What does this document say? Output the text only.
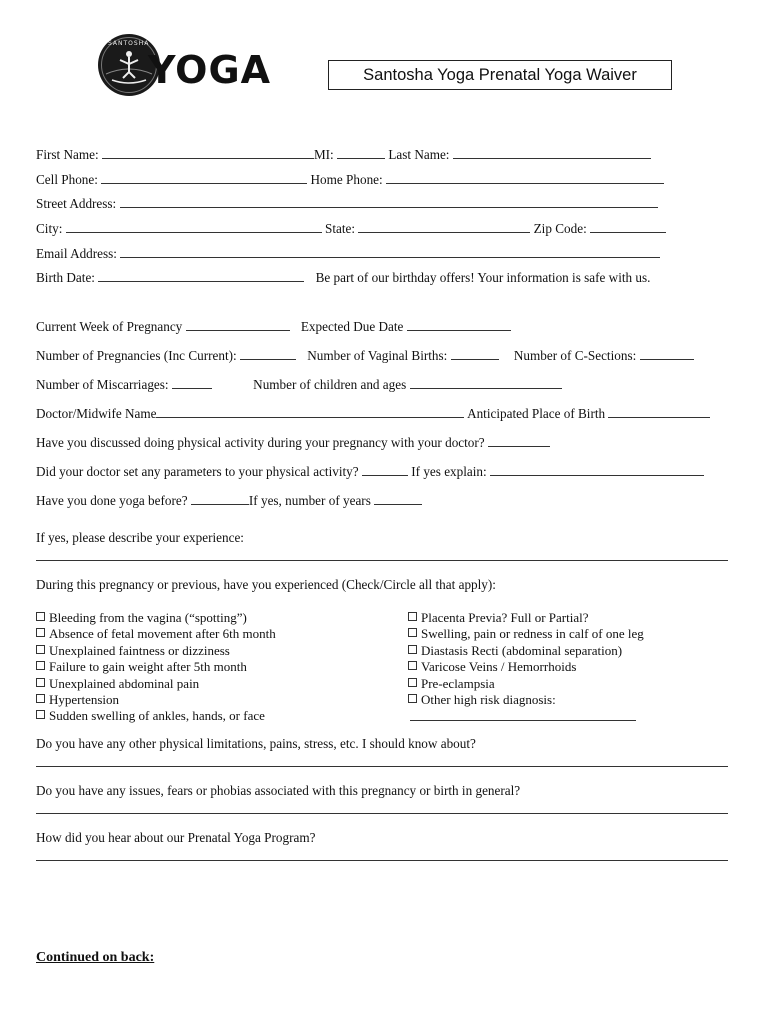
SANTOSHA
YOGA	Santosha Yoga Prenatal Yoga Waiver
First Name:	MI:	Last Name:
Cell Phone:	Home Phone:
Street Address:
City:	State:	Zip Code:
Email Address:
Birth Date:	Be part of our birthday offers! Your information is safe with us.
Current Week of Pregnancy	Expected Due Date
Number of Pregnancies (Inc Current):	Number of Vaginal Births:	Number of C-Sections:
Number of Miscarriages:	Number of children and ages
Doctor/Midwife Name	Anticipated Place of Birth
Have you discussed doing physical activity during your pregnancy with your doctor?
Did your doctor set any parameters to your physical activity?	If yes explain:
Have you done yoga before?	If yes, number of years
If yes, please describe your experience:
During this pregnancy or previous, have you experienced (Check/Circle all that apply):
Bleeding from the vagina (“spotting”)
Absence of fetal movement after 6th month
Unexplained faintness or dizziness
Failure to gain weight after 5th month
Unexplained abdominal pain
Hypertension
Sudden swelling of ankles, hands, or face
Placenta Previa? Full or Partial?
Swelling, pain or redness in calf of one leg
Diastasis Recti (abdominal separation)
Varicose Veins / Hemorrhoids
Pre-eclampsia
Other high risk diagnosis:
Do you have any other physical limitations, pains, stress, etc. I should know about?
Do you have any issues, fears or phobias associated with this pregnancy or birth in general?
How did you hear about our Prenatal Yoga Program?
Continued on back:
